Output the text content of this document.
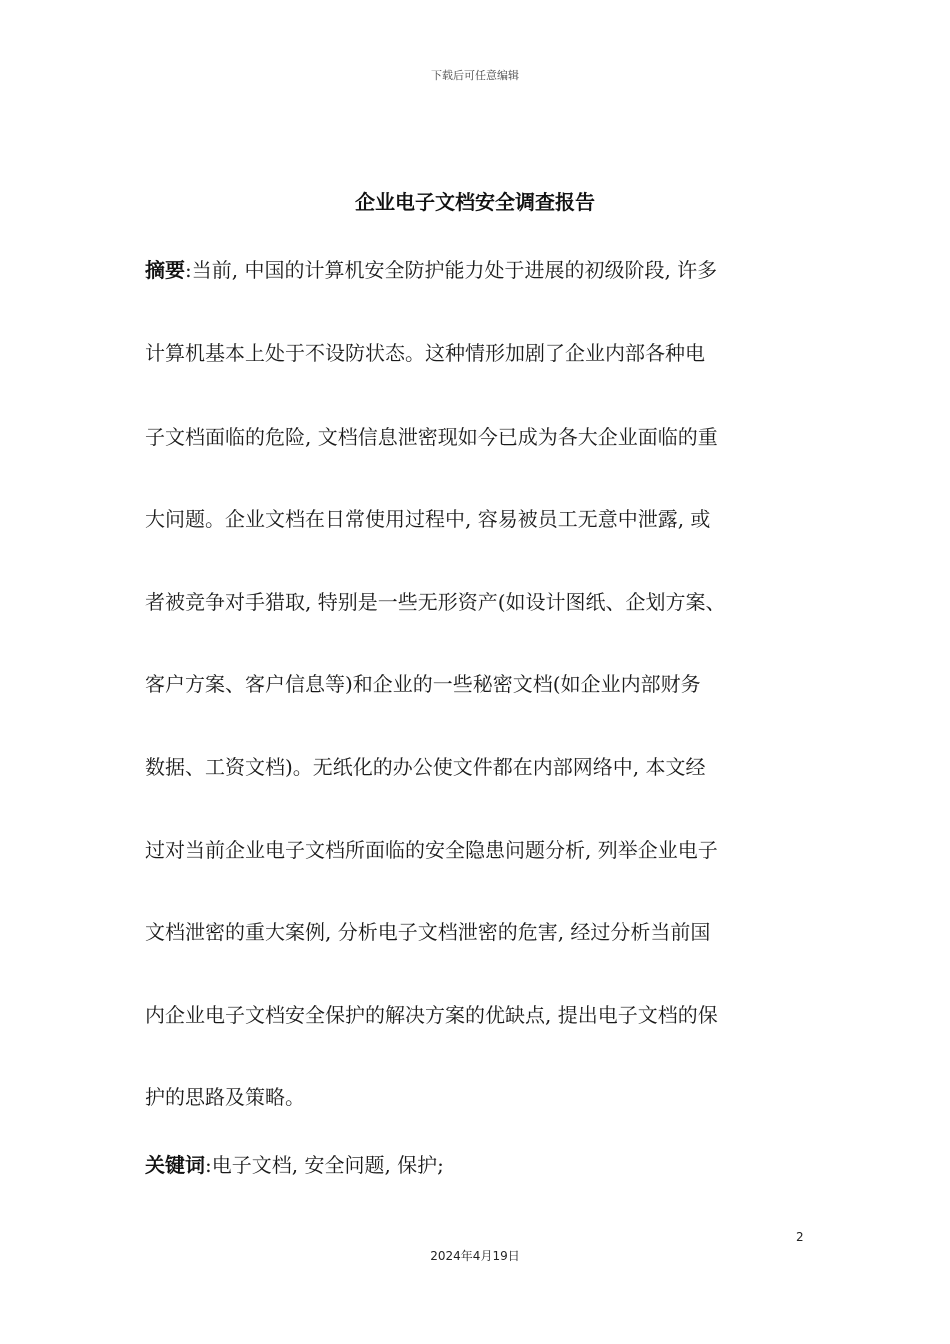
下载后可任意编辑
企业电子文档安全调查报告
摘要:当前, 中国的计算机安全防护能力处于进展的初级阶段, 许多
计算机基本上处于不设防状态。这种情形加剧了企业内部各种电
子文档面临的危险, 文档信息泄密现如今已成为各大企业面临的重
大问题。企业文档在日常使用过程中, 容易被员工无意中泄露, 或
者被竞争对手猎取, 特别是一些无形资产(如设计图纸、企划方案、
客户方案、客户信息等)和企业的一些秘密文档(如企业内部财务
数据、工资文档)。无纸化的办公使文件都在内部网络中, 本文经
过对当前企业电子文档所面临的安全隐患问题分析, 列举企业电子
文档泄密的重大案例, 分析电子文档泄密的危害, 经过分析当前国
内企业电子文档安全保护的解决方案的优缺点, 提出电子文档的保
护的思路及策略。
关键词:电子文档, 安全问题, 保护;
2
2024年4月19日
